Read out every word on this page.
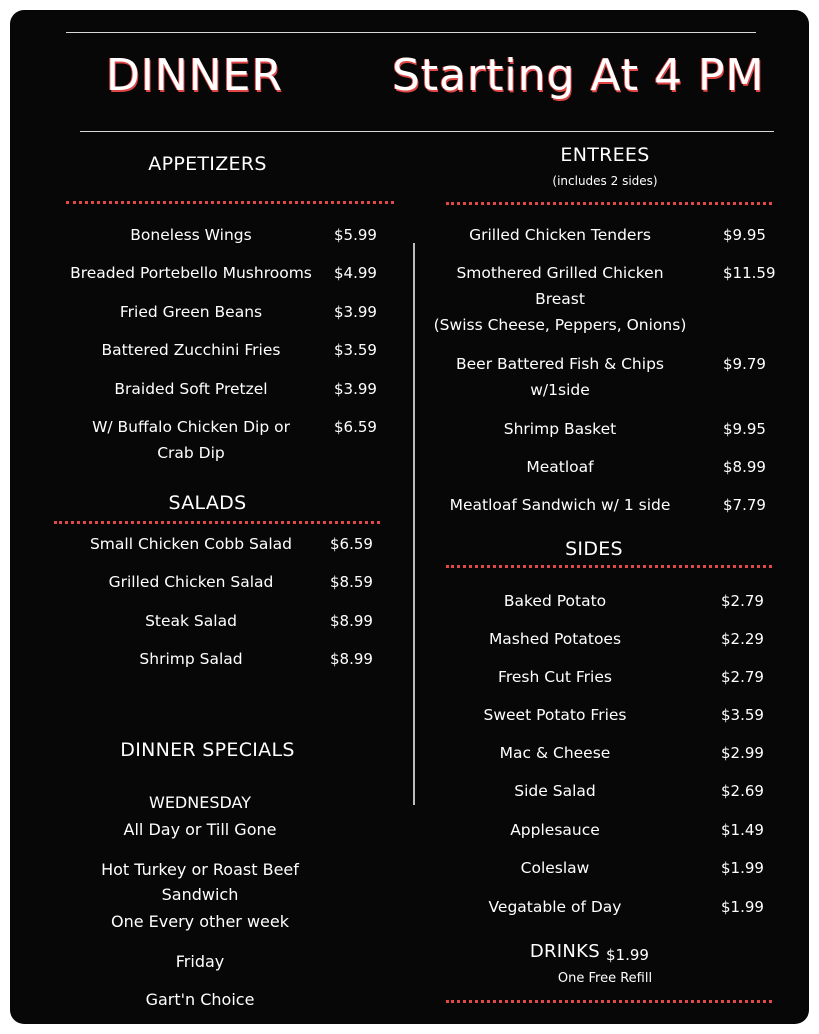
DINNER Starting At 4 PM
APPETIZERS
Boneless Wings	$5.99
Breaded Portebello Mushrooms	$4.99
Fried Green Beans	$3.99
Battered Zucchini Fries	$3.59
Braided Soft Pretzel	$3.99
W/ Buffalo Chicken Dip or
Crab Dip
$6.59
SALADS
Small Chicken Cobb Salad	$6.59
Grilled Chicken Salad	$8.59
Steak Salad	$8.99
Shrimp Salad	$8.99
DINNER SPECIALS
WEDNESDAY
All Day or Till Gone
Hot Turkey or Roast Beef
Sandwich
One Every other week
Friday
Gart'n Choice
ENTREES
(includes 2 sides)
Grilled Chicken Tenders	$9.95
Smothered Grilled Chicken
Breast
(Swiss Cheese, Peppers, Onions)
$11.59
Beer Battered Fish & Chips
w/1side
$9.79
Shrimp Basket	$9.95
Meatloaf	$8.99
Meatloaf Sandwich w/ 1 side	$7.79
SIDES
Baked Potato	$2.79
Mashed Potatoes	$2.29
Fresh Cut Fries	$2.79
Sweet Potato Fries	$3.59
Mac & Cheese	$2.99
Side Salad	$2.69
Applesauce	$1.49
Coleslaw	$1.99
Vegatable of Day	$1.99
DRINKS $1.99
One Free Refill
